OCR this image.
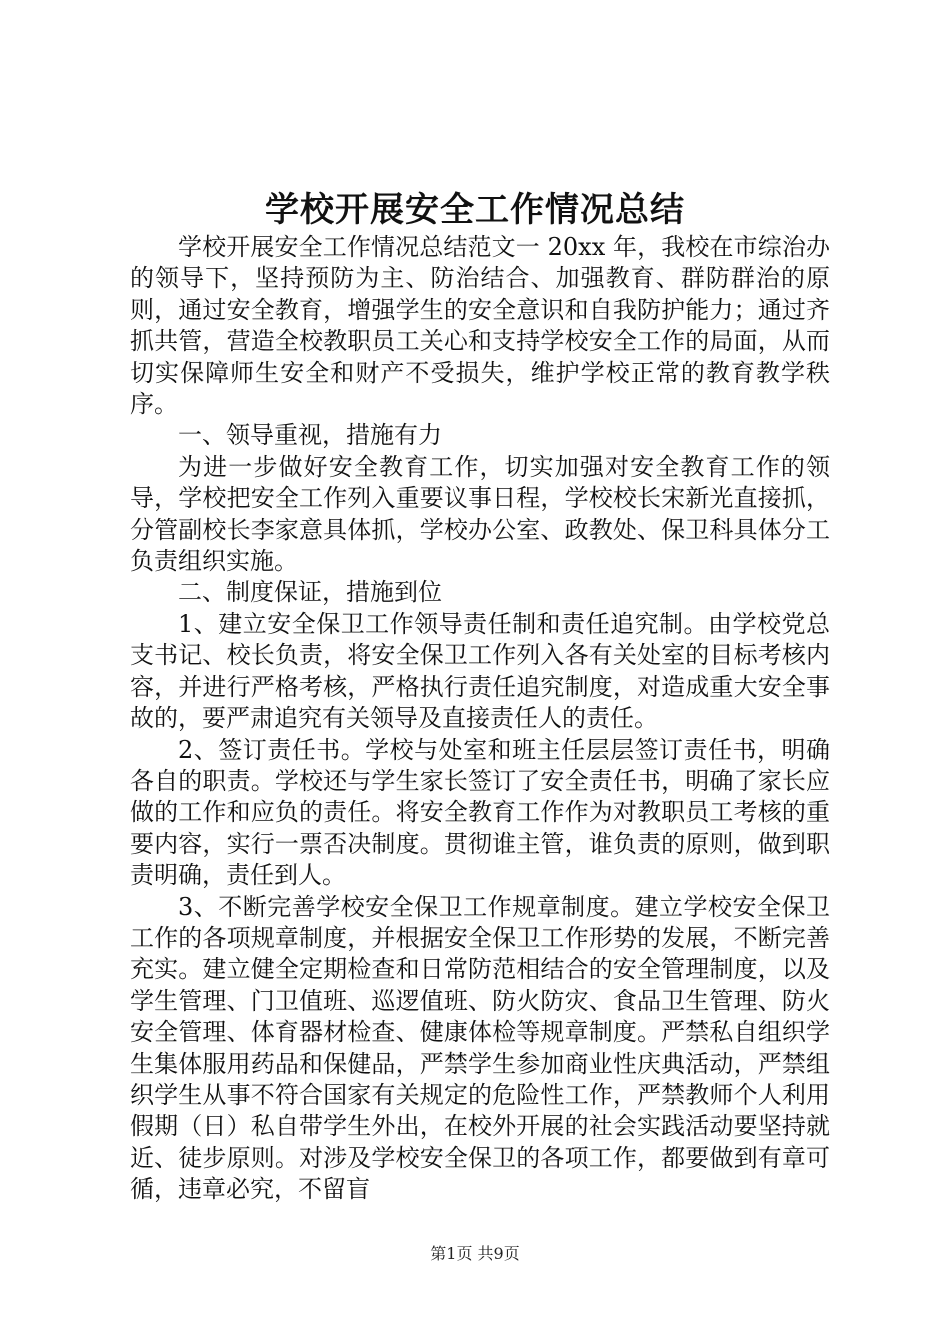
学校开展安全工作情况总结

学校开展安全工作情况总结范文一 20xx 年，我校在市综治办的领导下，坚持预防为主、防治结合、加强教育、群防群治的原则，通过安全教育，增强学生的安全意识和自我防护能力；通过齐抓共管，营造全校教职员工关心和支持学校安全工作的局面，从而切实保障师生安全和财产不受损失，维护学校正常的教育教学秩序。

一、领导重视，措施有力

为进一步做好安全教育工作，切实加强对安全教育工作的领导，学校把安全工作列入重要议事日程，学校校长宋新光直接抓，分管副校长李家意具体抓，学校办公室、政教处、保卫科具体分工负责组织实施。

二、制度保证，措施到位

1、建立安全保卫工作领导责任制和责任追究制。由学校党总支书记、校长负责，将安全保卫工作列入各有关处室的目标考核内容，并进行严格考核，严格执行责任追究制度，对造成重大安全事故的，要严肃追究有关领导及直接责任人的责任。

2、签订责任书。学校与处室和班主任层层签订责任书，明确各自的职责。学校还与学生家长签订了安全责任书，明确了家长应做的工作和应负的责任。将安全教育工作作为对教职员工考核的重要内容，实行一票否决制度。贯彻谁主管，谁负责的原则，做到职责明确，责任到人。

3、不断完善学校安全保卫工作规章制度。建立学校安全保卫工作的各项规章制度，并根据安全保卫工作形势的发展，不断完善充实。建立健全定期检查和日常防范相结合的安全管理制度，以及学生管理、门卫值班、巡逻值班、防火防灾、食品卫生管理、防火安全管理、体育器材检查、健康体检等规章制度。严禁私自组织学生集体服用药品和保健品，严禁学生参加商业性庆典活动，严禁组织学生从事不符合国家有关规定的危险性工作，严禁教师个人利用假期（日）私自带学生外出，在校外开展的社会实践活动要坚持就近、徒步原则。对涉及学校安全保卫的各项工作，都要做到有章可循，违章必究，不留盲

第1页 共9页
